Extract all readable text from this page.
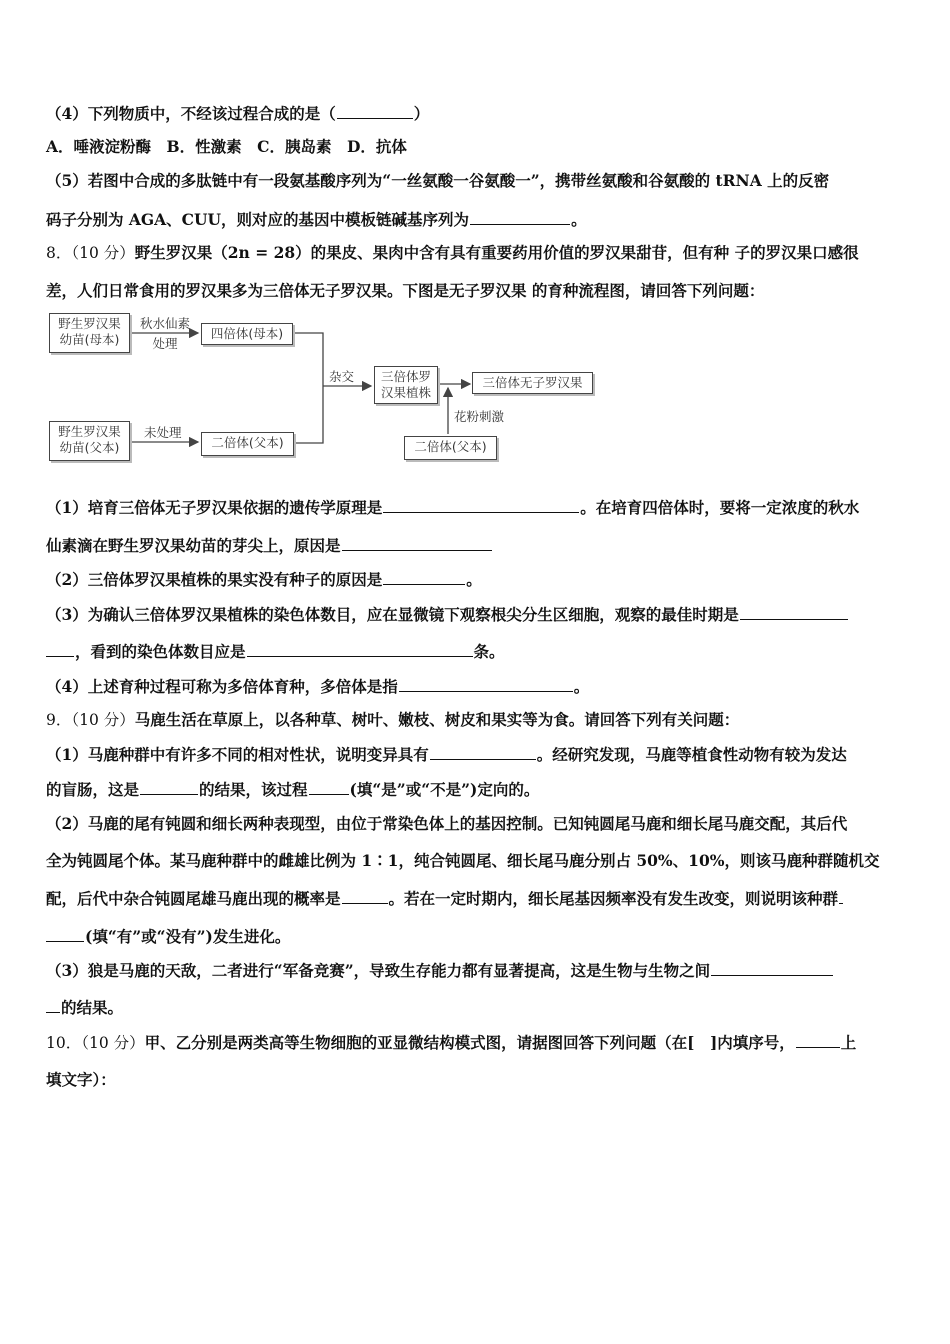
（4）下列物质中，不经该过程合成的是（	）
A．唾液淀粉酶　B．性激素　C．胰岛素　D．抗体
（5）若图中合成的多肽链中有一段氨基酸序列为“一丝氨酸一谷氨酸一”，携带丝氨酸和谷氨酸的 tRNA 上的反密
码子分别为 AGA、CUU，则对应的基因中模板链碱基序列为	。
8．（10 分）野生罗汉果（2n = 28）的果皮、果肉中含有具有重要药用价值的罗汉果甜苷，但有种 子的罗汉果口感很
差，人们日常食用的罗汉果多为三倍体无子罗汉果。下图是无子罗汉果 的育种流程图，请回答下列问题：
野生罗汉果幼苗(母本)
秋水仙素处理
四倍体(母本)
杂交	三倍体罗汉果植株
三倍体无子罗汉果
花粉刺激
二倍体(父本)
野生罗汉果幼苗(父本)
未处理
二倍体(父本)
（1）培育三倍体无子罗汉果依据的遗传学原理是	。在培育四倍体时，要将一定浓度的秋水
仙素滴在野生罗汉果幼苗的芽尖上，原因是
（2）三倍体罗汉果植株的果实没有种子的原因是	。
（3）为确认三倍体罗汉果植株的染色体数目，应在显微镜下观察根尖分生区细胞，观察的最佳时期是
，看到的染色体数目应是	条。
（4）上述育种过程可称为多倍体育种，多倍体是指	。
9．（10 分）马鹿生活在草原上，以各种草、树叶、嫩枝、树皮和果实等为食。请回答下列有关问题：
（1）马鹿种群中有许多不同的相对性状，说明变异具有	。经研究发现，马鹿等植食性动物有较为发达
的盲肠，这是	的结果，该过程	(填“是”或“不是”)定向的。
（2）马鹿的尾有钝圆和细长两种表现型，由位于常染色体上的基因控制。已知钝圆尾马鹿和细长尾马鹿交配，其后代
全为钝圆尾个体。某马鹿种群中的雌雄比例为 1∶1，纯合钝圆尾、细长尾马鹿分别占 50%、10%，则该马鹿种群随机交
配，后代中杂合钝圆尾雄马鹿出现的概率是	。若在一定时期内，细长尾基因频率没有发生改变，则说明该种群
(填“有”或“没有”)发生进化。
（3）狼是马鹿的天敌，二者进行“军备竞赛”，导致生存能力都有显著提高，这是生物与生物之间
的结果。
10．（10 分）甲、乙分别是两类高等生物细胞的亚显微结构模式图，请据图回答下列问题（在[　]内填序号，	上
填文字）：
